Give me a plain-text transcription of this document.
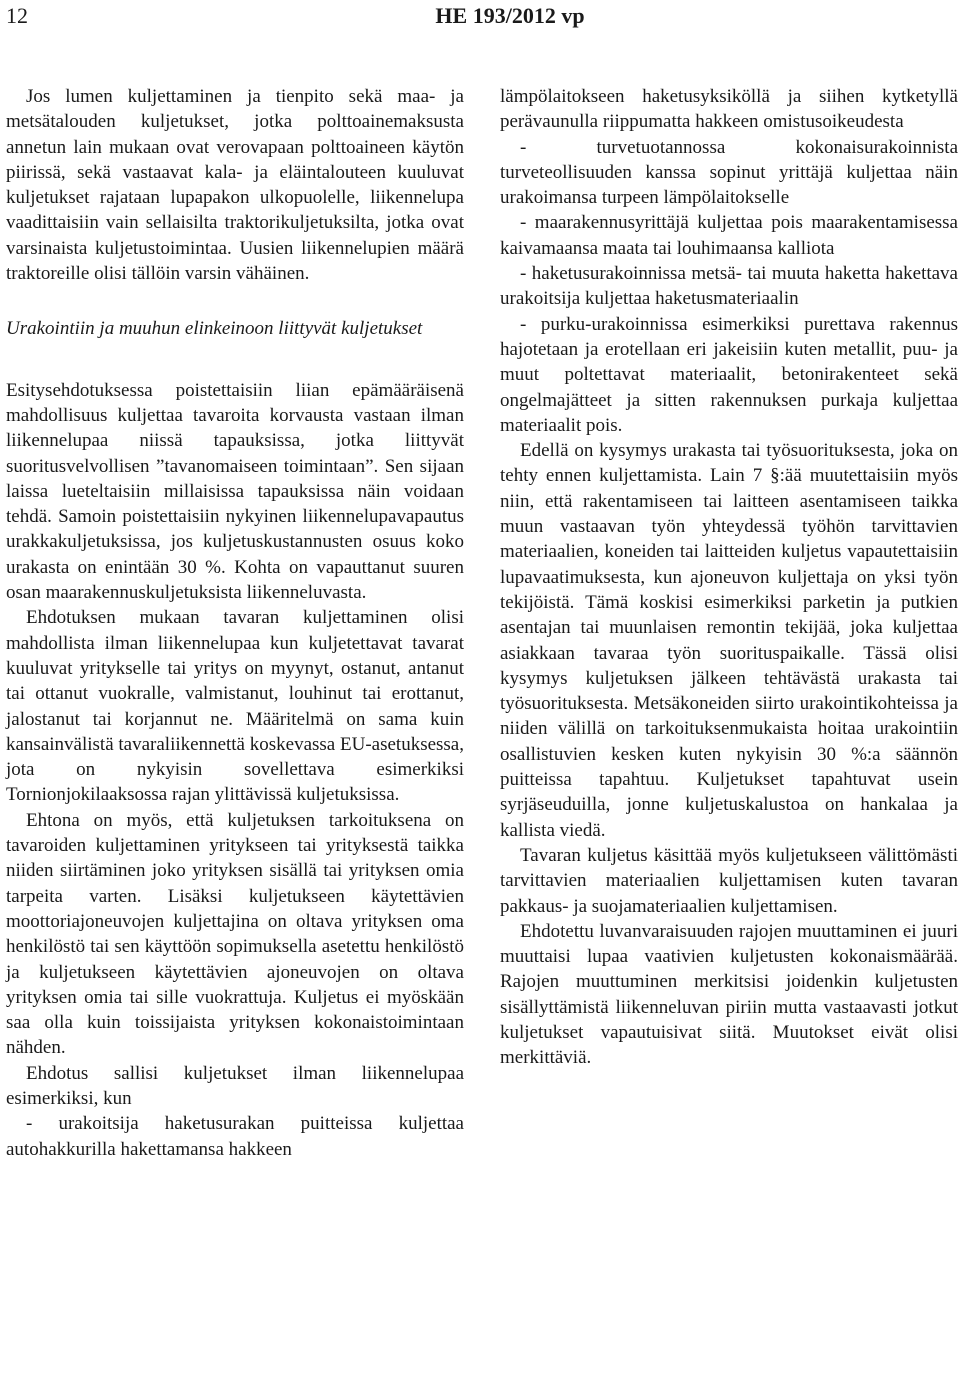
12	HE 193/2012 vp

Jos lumen kuljettaminen ja tienpito sekä maa- ja metsätalouden kuljetukset, jotka polttoainemaksusta annetun lain mukaan ovat verovapaan polttoaineen käytön piirissä, sekä vastaavat kala- ja eläintalouteen kuuluvat kuljetukset rajataan lupapakon ulkopuolelle, liikennelupa vaadittaisiin vain sellaisilta traktorikuljetuksilta, jotka ovat varsinaista kuljetustoimintaa. Uusien liikennelupien määrä traktoreille olisi tällöin varsin vähäinen.

Urakointiin ja muuhun elinkeinoon liittyvät kuljetukset

Esitysehdotuksessa poistettaisiin liian epämääräisenä mahdollisuus kuljettaa tavaroita korvausta vastaan ilman liikennelupaa niissä tapauksissa, jotka liittyvät suoritusvelvollisen ”tavanomaiseen toimintaan”. Sen sijaan laissa lueteltaisiin millaisissa tapauksissa näin voidaan tehdä. Samoin poistettaisiin nykyinen liikennelupavapautus urakkakuljetuksissa, jos kuljetuskustannusten osuus koko urakasta on enintään 30 %. Kohta on vapauttanut suuren osan maarakennuskuljetuksista liikenneluvasta.

Ehdotuksen mukaan tavaran kuljettaminen olisi mahdollista ilman liikennelupaa kun kuljetettavat tavarat kuuluvat yritykselle tai yritys on myynyt, ostanut, antanut tai ottanut vuokralle, valmistanut, louhinut tai erottanut, jalostanut tai korjannut ne. Määritelmä on sama kuin kansainvälistä tavaraliikennettä koskevassa EU-asetuksessa, jota on nykyisin sovellettava esimerkiksi Tornionjokilaaksossa rajan ylittävissä kuljetuksissa.

Ehtona on myös, että kuljetuksen tarkoituksena on tavaroiden kuljettaminen yritykseen tai yrityksestä taikka niiden siirtäminen joko yrityksen sisällä tai yrityksen omia tarpeita varten. Lisäksi kuljetukseen käytettävien moottoriajoneuvojen kuljettajina on oltava yrityksen oma henkilöstö tai sen käyttöön sopimuksella asetettu henkilöstö ja kuljetukseen käytettävien ajoneuvojen on oltava yrityksen omia tai sille vuokrattuja. Kuljetus ei myöskään saa olla kuin toissijaista yrityksen kokonaistoimintaan nähden.

Ehdotus sallisi kuljetukset ilman liikennelupaa esimerkiksi, kun

- urakoitsija haketusurakan puitteissa kuljettaa autohakkurilla hakettamansa hakkeen

lämpölaitokseen haketusyksiköllä ja siihen kytketyllä perävaunulla riippumatta hakkeen omistusoikeudesta

- turvetuotannossa kokonaisurakoinnista turveteollisuuden kanssa sopinut yrittäjä kuljettaa näin urakoimansa turpeen lämpölaitokselle

- maarakennusyrittäjä kuljettaa pois maarakentamisessa kaivamaansa maata tai louhimaansa kalliota

- haketusurakoinnissa metsä- tai muuta haketta hakettava urakoitsija kuljettaa haketusmateriaalin

- purku-urakoinnissa esimerkiksi purettava rakennus hajotetaan ja erotellaan eri jakeisiin kuten metallit, puu- ja muut poltettavat materiaalit, betonirakenteet sekä ongelmajätteet ja sitten rakennuksen purkaja kuljettaa materiaalit pois.

Edellä on kysymys urakasta tai työsuorituksesta, joka on tehty ennen kuljettamista. Lain 7 §:ää muutettaisiin myös niin, että rakentamiseen tai laitteen asentamiseen taikka muun vastaavan työn yhteydessä työhön tarvittavien materiaalien, koneiden tai laitteiden kuljetus vapautettaisiin lupavaatimuksesta, kun ajoneuvon kuljettaja on yksi työn tekijöistä. Tämä koskisi esimerkiksi parketin ja putkien asentajan tai muunlaisen remontin tekijää, joka kuljettaa asiakkaan tavaraa työn suorituspaikalle. Tässä olisi kysymys kuljetuksen jälkeen tehtävästä urakasta tai työsuorituksesta. Metsäkoneiden siirto urakointikohteissa ja niiden välillä on tarkoituksenmukaista hoitaa urakointiin osallistuvien kesken kuten nykyisin 30 %:a säännön puitteissa tapahtuu. Kuljetukset tapahtuvat usein syrjäseuduilla, jonne kuljetuskalustoa on hankalaa ja kallista viedä.

Tavaran kuljetus käsittää myös kuljetukseen välittömästi tarvittavien materiaalien kuljettamisen kuten tavaran pakkaus- ja suojamateriaalien kuljettamisen.

Ehdotettu luvanvaraisuuden rajojen muuttaminen ei juuri muuttaisi lupaa vaativien kuljetusten kokonaismäärää. Rajojen muuttuminen merkitsisi joidenkin kuljetusten sisällyttämistä liikenneluvan piriin mutta vastaavasti jotkut kuljetukset vapautuisivat siitä. Muutokset eivät olisi merkittäviä.
